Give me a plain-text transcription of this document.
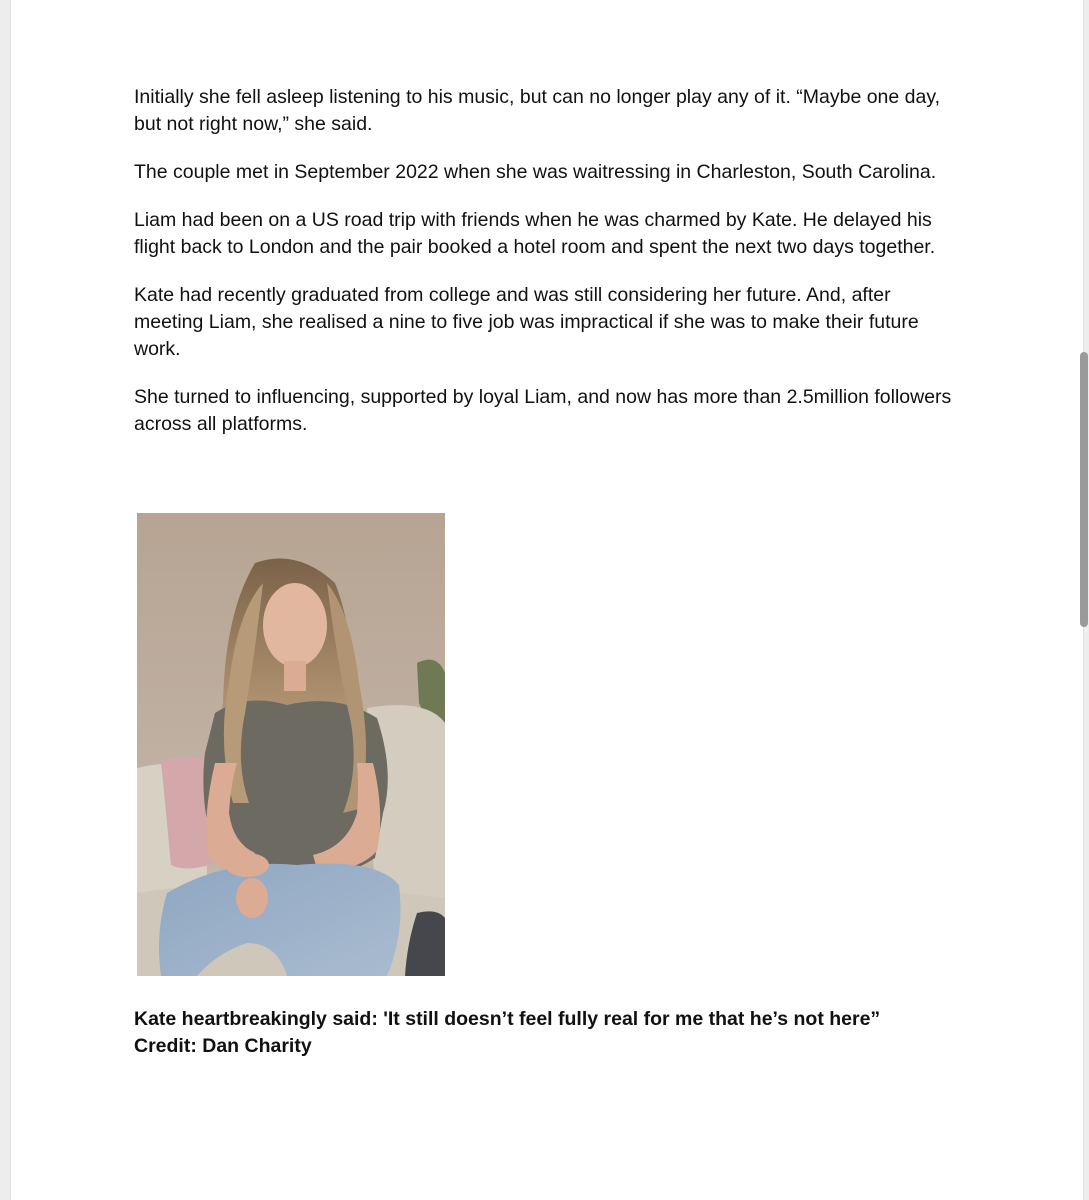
Initially she fell asleep listening to his music, but can no longer play any of it. “Maybe one day, but not right now,” she said.

The couple met in September 2022 when she was waitressing in Charleston, South Carolina.

Liam had been on a US road trip with friends when he was charmed by Kate. He delayed his flight back to London and the pair booked a hotel room and spent the next two days together.

Kate had recently graduated from college and was still considering her future. And, after meeting Liam, she realised a nine to five job was impractical if she was to make their future work.

She turned to influencing, supported by loyal Liam, and now has more than 2.5million followers across all platforms.

Kate heartbreakingly said: 'It still doesn’t feel fully real for me that he’s not here”
Credit: Dan Charity
